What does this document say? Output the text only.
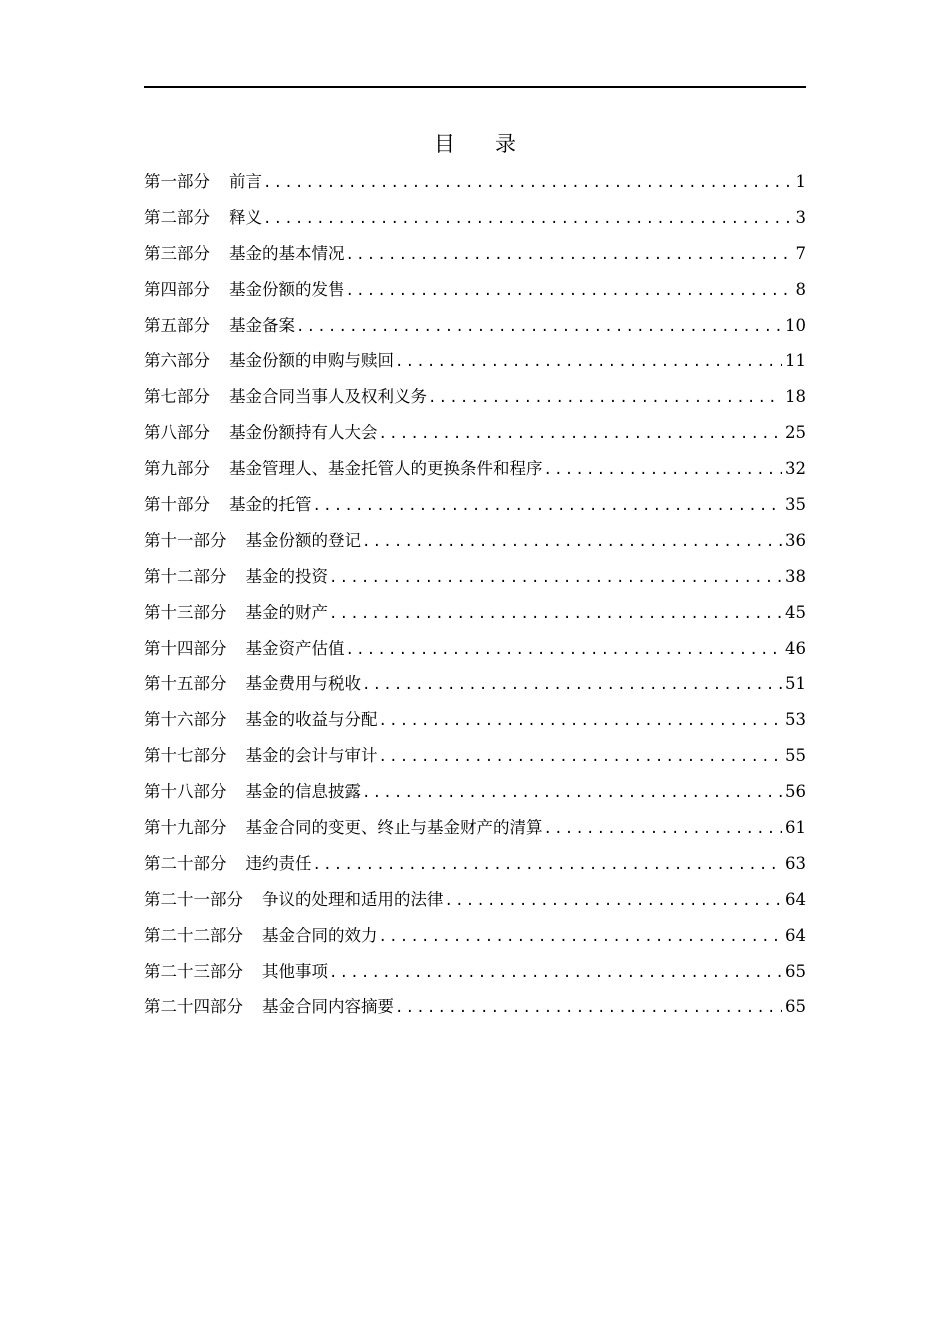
目录
第一部分 前言 .....	1
第二部分 释义 .....	3
第三部分 基金的基本情况 .....	7
第四部分 基金份额的发售 .....	8
第五部分 基金备案 .....	10
第六部分 基金份额的申购与赎回 .....	11
第七部分 基金合同当事人及权利义务 .....	18
第八部分 基金份额持有人大会 .....	25
第九部分 基金管理人、基金托管人的更换条件和程序 .....	32
第十部分 基金的托管 .....	35
第十一部分 基金份额的登记 .....	36
第十二部分 基金的投资 .....	38
第十三部分 基金的财产 .....	45
第十四部分 基金资产估值 .....	46
第十五部分 基金费用与税收 .....	51
第十六部分 基金的收益与分配 .....	53
第十七部分 基金的会计与审计 .....	55
第十八部分 基金的信息披露 .....	56
第十九部分 基金合同的变更、终止与基金财产的清算 .....	61
第二十部分 违约责任 .....	63
第二十一部分 争议的处理和适用的法律 .....	64
第二十二部分 基金合同的效力 .....	64
第二十三部分 其他事项 .....	65
第二十四部分 基金合同内容摘要 .....	65
